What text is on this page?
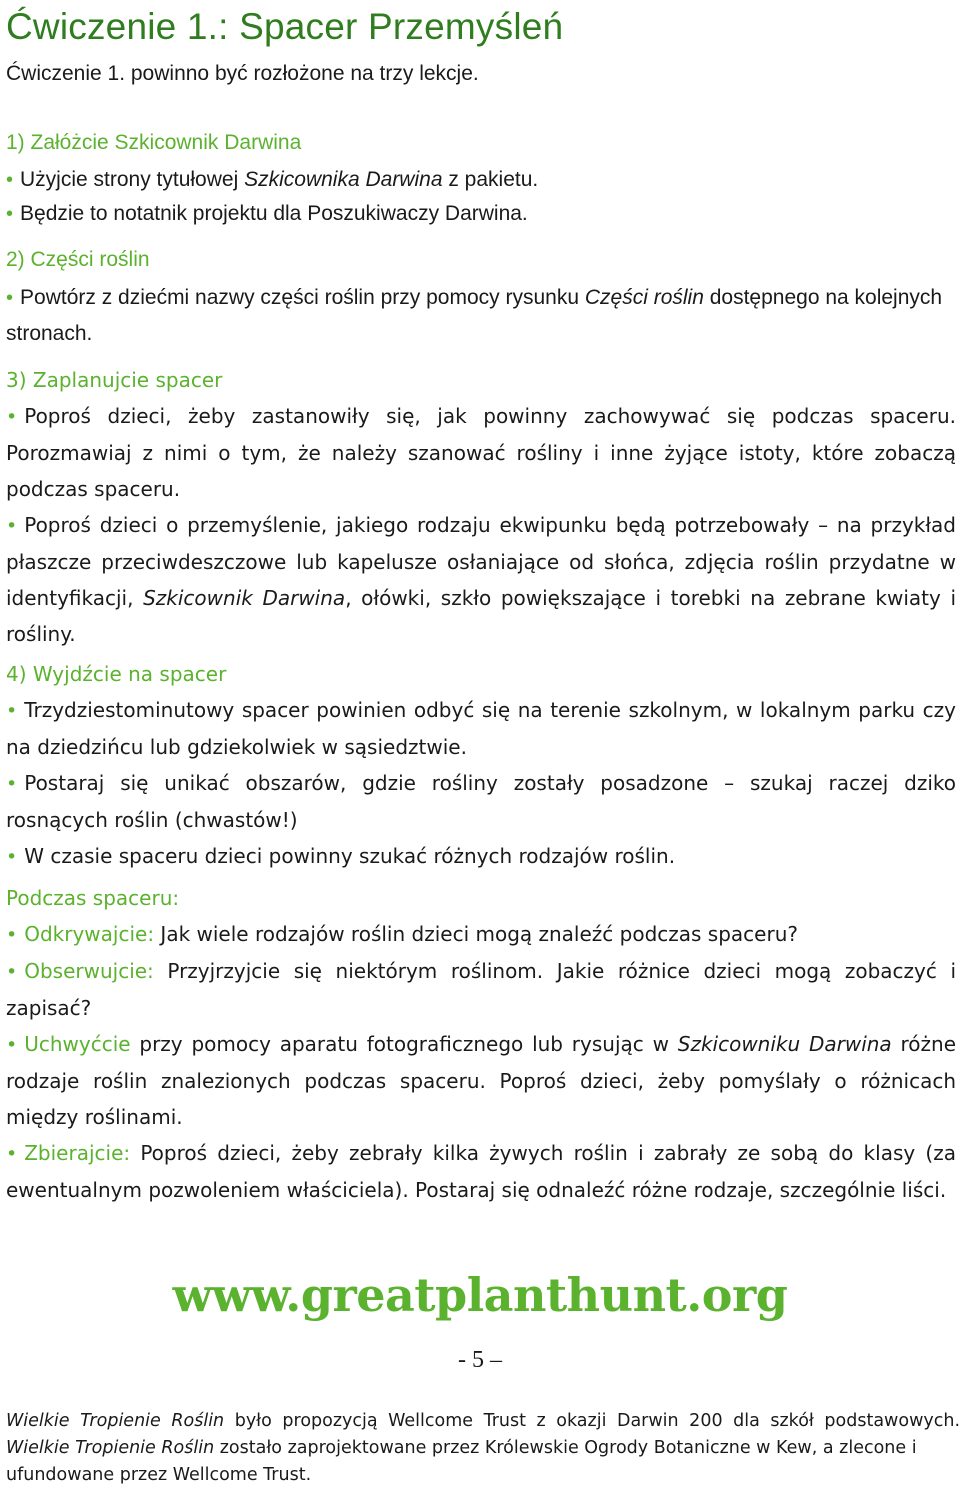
Ćwiczenie 1.: Spacer Przemyśleń
Ćwiczenie 1. powinno być rozłożone na trzy lekcje.
1) Załóżcie Szkicownik Darwina
• Użyjcie strony tytułowej Szkicownika Darwina z pakietu.
• Będzie to notatnik projektu dla Poszukiwaczy Darwina.
2) Części roślin
• Powtórz z dziećmi nazwy części roślin przy pomocy rysunku Części roślin dostępnego na kolejnych stronach.
3) Zaplanujcie spacer
• Poproś dzieci, żeby zastanowiły się, jak powinny zachowywać się podczas spaceru. Porozmawiaj z nimi o tym, że należy szanować rośliny i inne żyjące istoty, które zobaczą podczas spaceru.
• Poproś dzieci o przemyślenie, jakiego rodzaju ekwipunku będą potrzebowały – na przykład płaszcze przeciwdeszczowe lub kapelusze osłaniające od słońca, zdjęcia roślin przydatne w identyfikacji, Szkicownik Darwina, ołówki, szkło powiększające i torebki na zebrane kwiaty i rośliny.
4) Wyjdźcie na spacer
• Trzydziestominutowy spacer powinien odbyć się na terenie szkolnym, w lokalnym parku czy na dziedzińcu lub gdziekolwiek w sąsiedztwie.
• Postaraj się unikać obszarów, gdzie rośliny zostały posadzone – szukaj raczej dziko rosnących roślin (chwastów!)
• W czasie spaceru dzieci powinny szukać różnych rodzajów roślin.
Podczas spaceru:
• Odkrywajcie: Jak wiele rodzajów roślin dzieci mogą znaleźć podczas spaceru?
• Obserwujcie: Przyjrzyjcie się niektórym roślinom. Jakie różnice dzieci mogą zobaczyć i zapisać?
• Uchwyćcie przy pomocy aparatu fotograficznego lub rysując w Szkicowniku Darwina różne rodzaje roślin znalezionych podczas spaceru. Poproś dzieci, żeby pomyślały o różnicach między roślinami.
• Zbierajcie: Poproś dzieci, żeby zebrały kilka żywych roślin i zabrały ze sobą do klasy (za ewentualnym pozwoleniem właściciela). Postaraj się odnaleźć różne rodzaje, szczególnie liści.
www.greatplanthunt.org
- 5 –
Wielkie Tropienie Roślin było propozycją Wellcome Trust z okazji Darwin 200 dla szkół podstawowych.
Wielkie Tropienie Roślin zostało zaprojektowane przez Królewskie Ogrody Botaniczne w Kew, a zlecone i ufundowane przez Wellcome Trust.
